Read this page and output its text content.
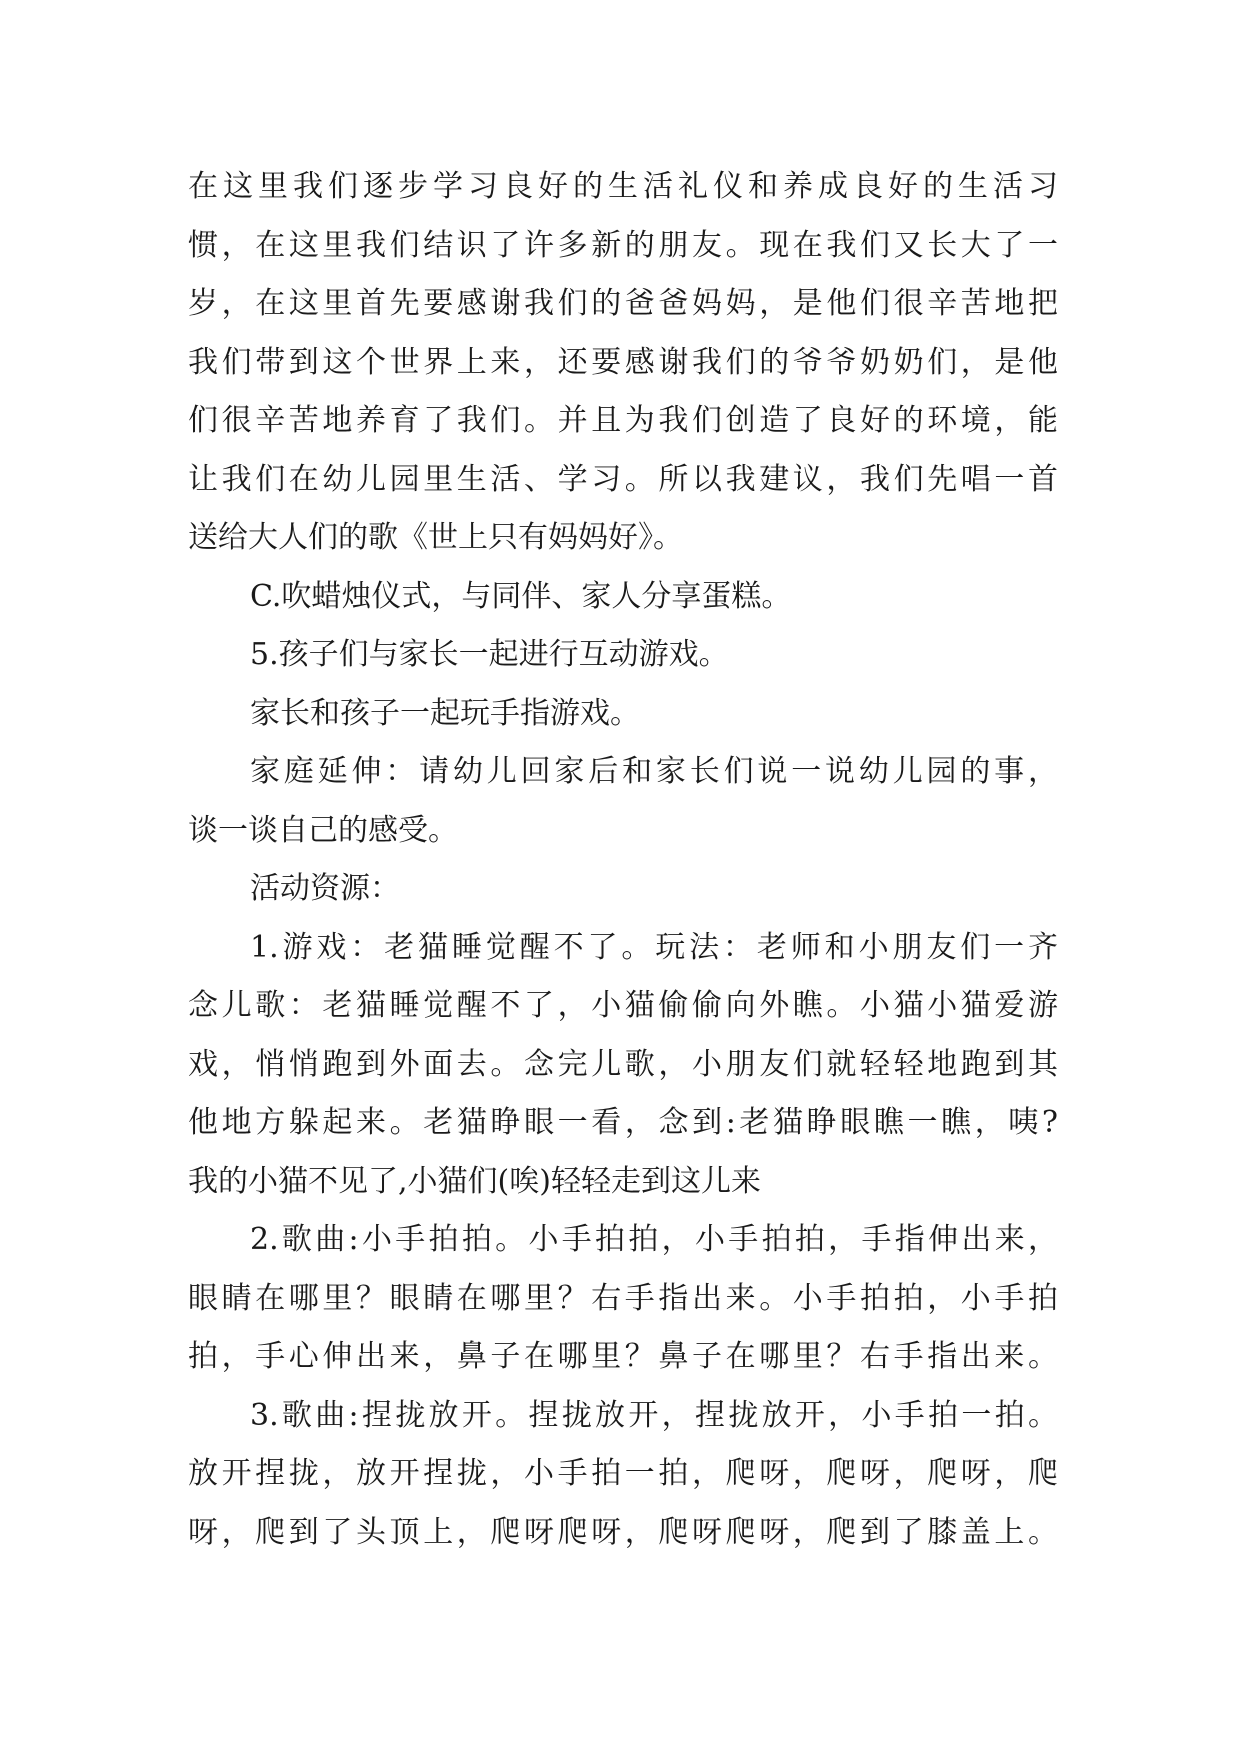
在这里我们逐步学习良好的生活礼仪和养成良好的生活习
惯，在这里我们结识了许多新的朋友。现在我们又长大了一
岁，在这里首先要感谢我们的爸爸妈妈，是他们很辛苦地把
我们带到这个世界上来，还要感谢我们的爷爷奶奶们，是他
们很辛苦地养育了我们。并且为我们创造了良好的环境，能
让我们在幼儿园里生活、学习。所以我建议，我们先唱一首
送给大人们的歌《世上只有妈妈好》。
C.吹蜡烛仪式，与同伴、家人分享蛋糕。
5.孩子们与家长一起进行互动游戏。
家长和孩子一起玩手指游戏。
家庭延伸：请幼儿回家后和家长们说一说幼儿园的事，
谈一谈自己的感受。
活动资源：
1.游戏：老猫睡觉醒不了。玩法：老师和小朋友们一齐
念儿歌：老猫睡觉醒不了，小猫偷偷向外瞧。小猫小猫爱游
戏，悄悄跑到外面去。念完儿歌，小朋友们就轻轻地跑到其
他地方躲起来。老猫睁眼一看，念到:老猫睁眼瞧一瞧，咦?
我的小猫不见了,小猫们(唉)轻轻走到这儿来
2.歌曲:小手拍拍。小手拍拍，小手拍拍，手指伸出来，
眼睛在哪里？眼睛在哪里？右手指出来。小手拍拍，小手拍
拍，手心伸出来，鼻子在哪里？鼻子在哪里？右手指出来。
3.歌曲:捏拢放开。捏拢放开，捏拢放开，小手拍一拍。
放开捏拢，放开捏拢，小手拍一拍，爬呀，爬呀，爬呀，爬
呀，爬到了头顶上，爬呀爬呀，爬呀爬呀，爬到了膝盖上。
